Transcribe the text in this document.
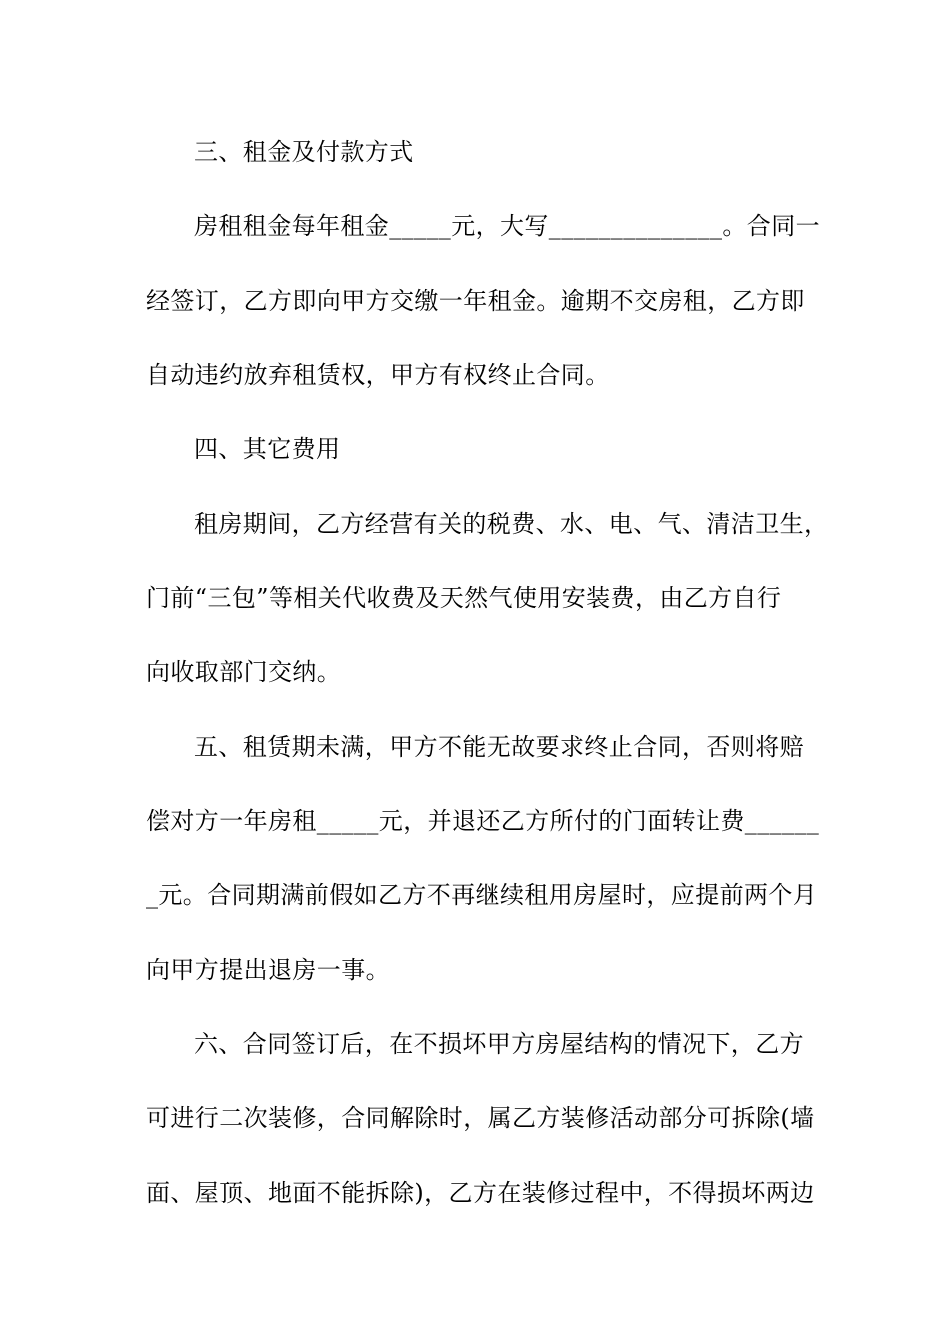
三、租金及付款方式
房租租金每年租金_____元，大写______________。合同一
经签订，乙方即向甲方交缴一年租金。逾期不交房租，乙方即
自动违约放弃租赁权，甲方有权终止合同。
四、其它费用
租房期间，乙方经营有关的税费、水、电、气、清洁卫生，
门前“三包”等相关代收费及天然气使用安装费，由乙方自行
向收取部门交纳。
五、租赁期未满，甲方不能无故要求终止合同，否则将赔
偿对方一年房租_____元，并退还乙方所付的门面转让费______
_元。合同期满前假如乙方不再继续租用房屋时，应提前两个月
向甲方提出退房一事。
六、合同签订后，在不损坏甲方房屋结构的情况下，乙方
可进行二次装修，合同解除时，属乙方装修活动部分可拆除(墙
面、屋顶、地面不能拆除)，乙方在装修过程中，不得损坏两边
